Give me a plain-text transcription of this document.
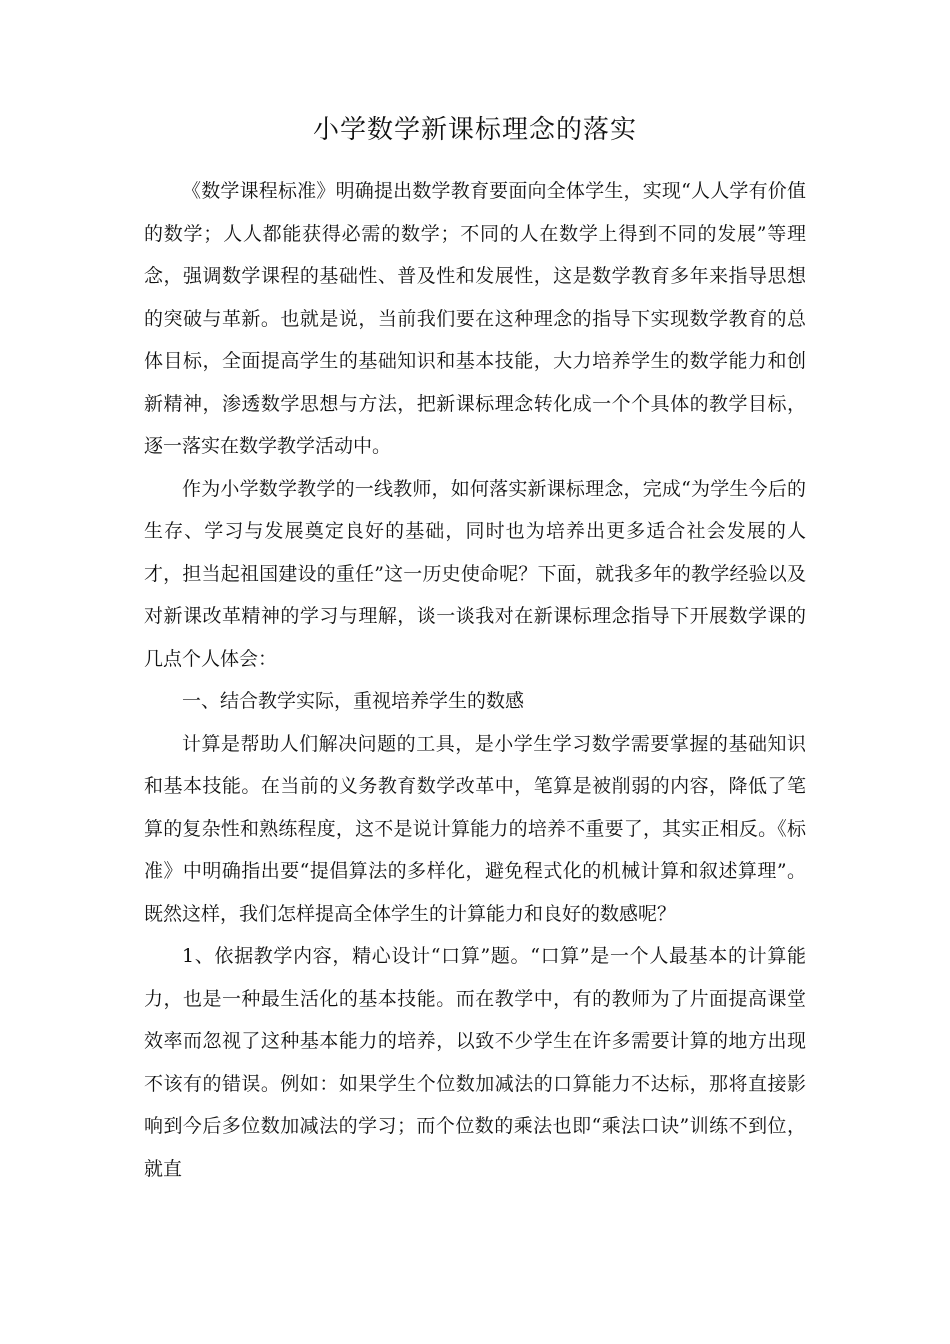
小学数学新课标理念的落实

《数学课程标准》明确提出数学教育要面向全体学生，实现“人人学有价值的数学；人人都能获得必需的数学；不同的人在数学上得到不同的发展”等理念，强调数学课程的基础性、普及性和发展性，这是数学教育多年来指导思想的突破与革新。也就是说，当前我们要在这种理念的指导下实现数学教育的总体目标，全面提高学生的基础知识和基本技能，大力培养学生的数学能力和创新精神，渗透数学思想与方法，把新课标理念转化成一个个具体的教学目标，逐一落实在数学教学活动中。

作为小学数学教学的一线教师，如何落实新课标理念，完成“为学生今后的生存、学习与发展奠定良好的基础，同时也为培养出更多适合社会发展的人才，担当起祖国建设的重任”这一历史使命呢？下面，就我多年的教学经验以及对新课改革精神的学习与理解，谈一谈我对在新课标理念指导下开展数学课的几点个人体会：

一、结合教学实际，重视培养学生的数感

计算是帮助人们解决问题的工具，是小学生学习数学需要掌握的基础知识和基本技能。在当前的义务教育数学改革中，笔算是被削弱的内容，降低了笔算的复杂性和熟练程度，这不是说计算能力的培养不重要了，其实正相反。《标准》中明确指出要“提倡算法的多样化，避免程式化的机械计算和叙述算理”。既然这样，我们怎样提高全体学生的计算能力和良好的数感呢？

1、依据教学内容，精心设计“口算”题。“口算”是一个人最基本的计算能力，也是一种最生活化的基本技能。而在教学中，有的教师为了片面提高课堂效率而忽视了这种基本能力的培养，以致不少学生在许多需要计算的地方出现不该有的错误。例如：如果学生个位数加减法的口算能力不达标，那将直接影响到今后多位数加减法的学习；而个位数的乘法也即“乘法口诀”训练不到位，就直
